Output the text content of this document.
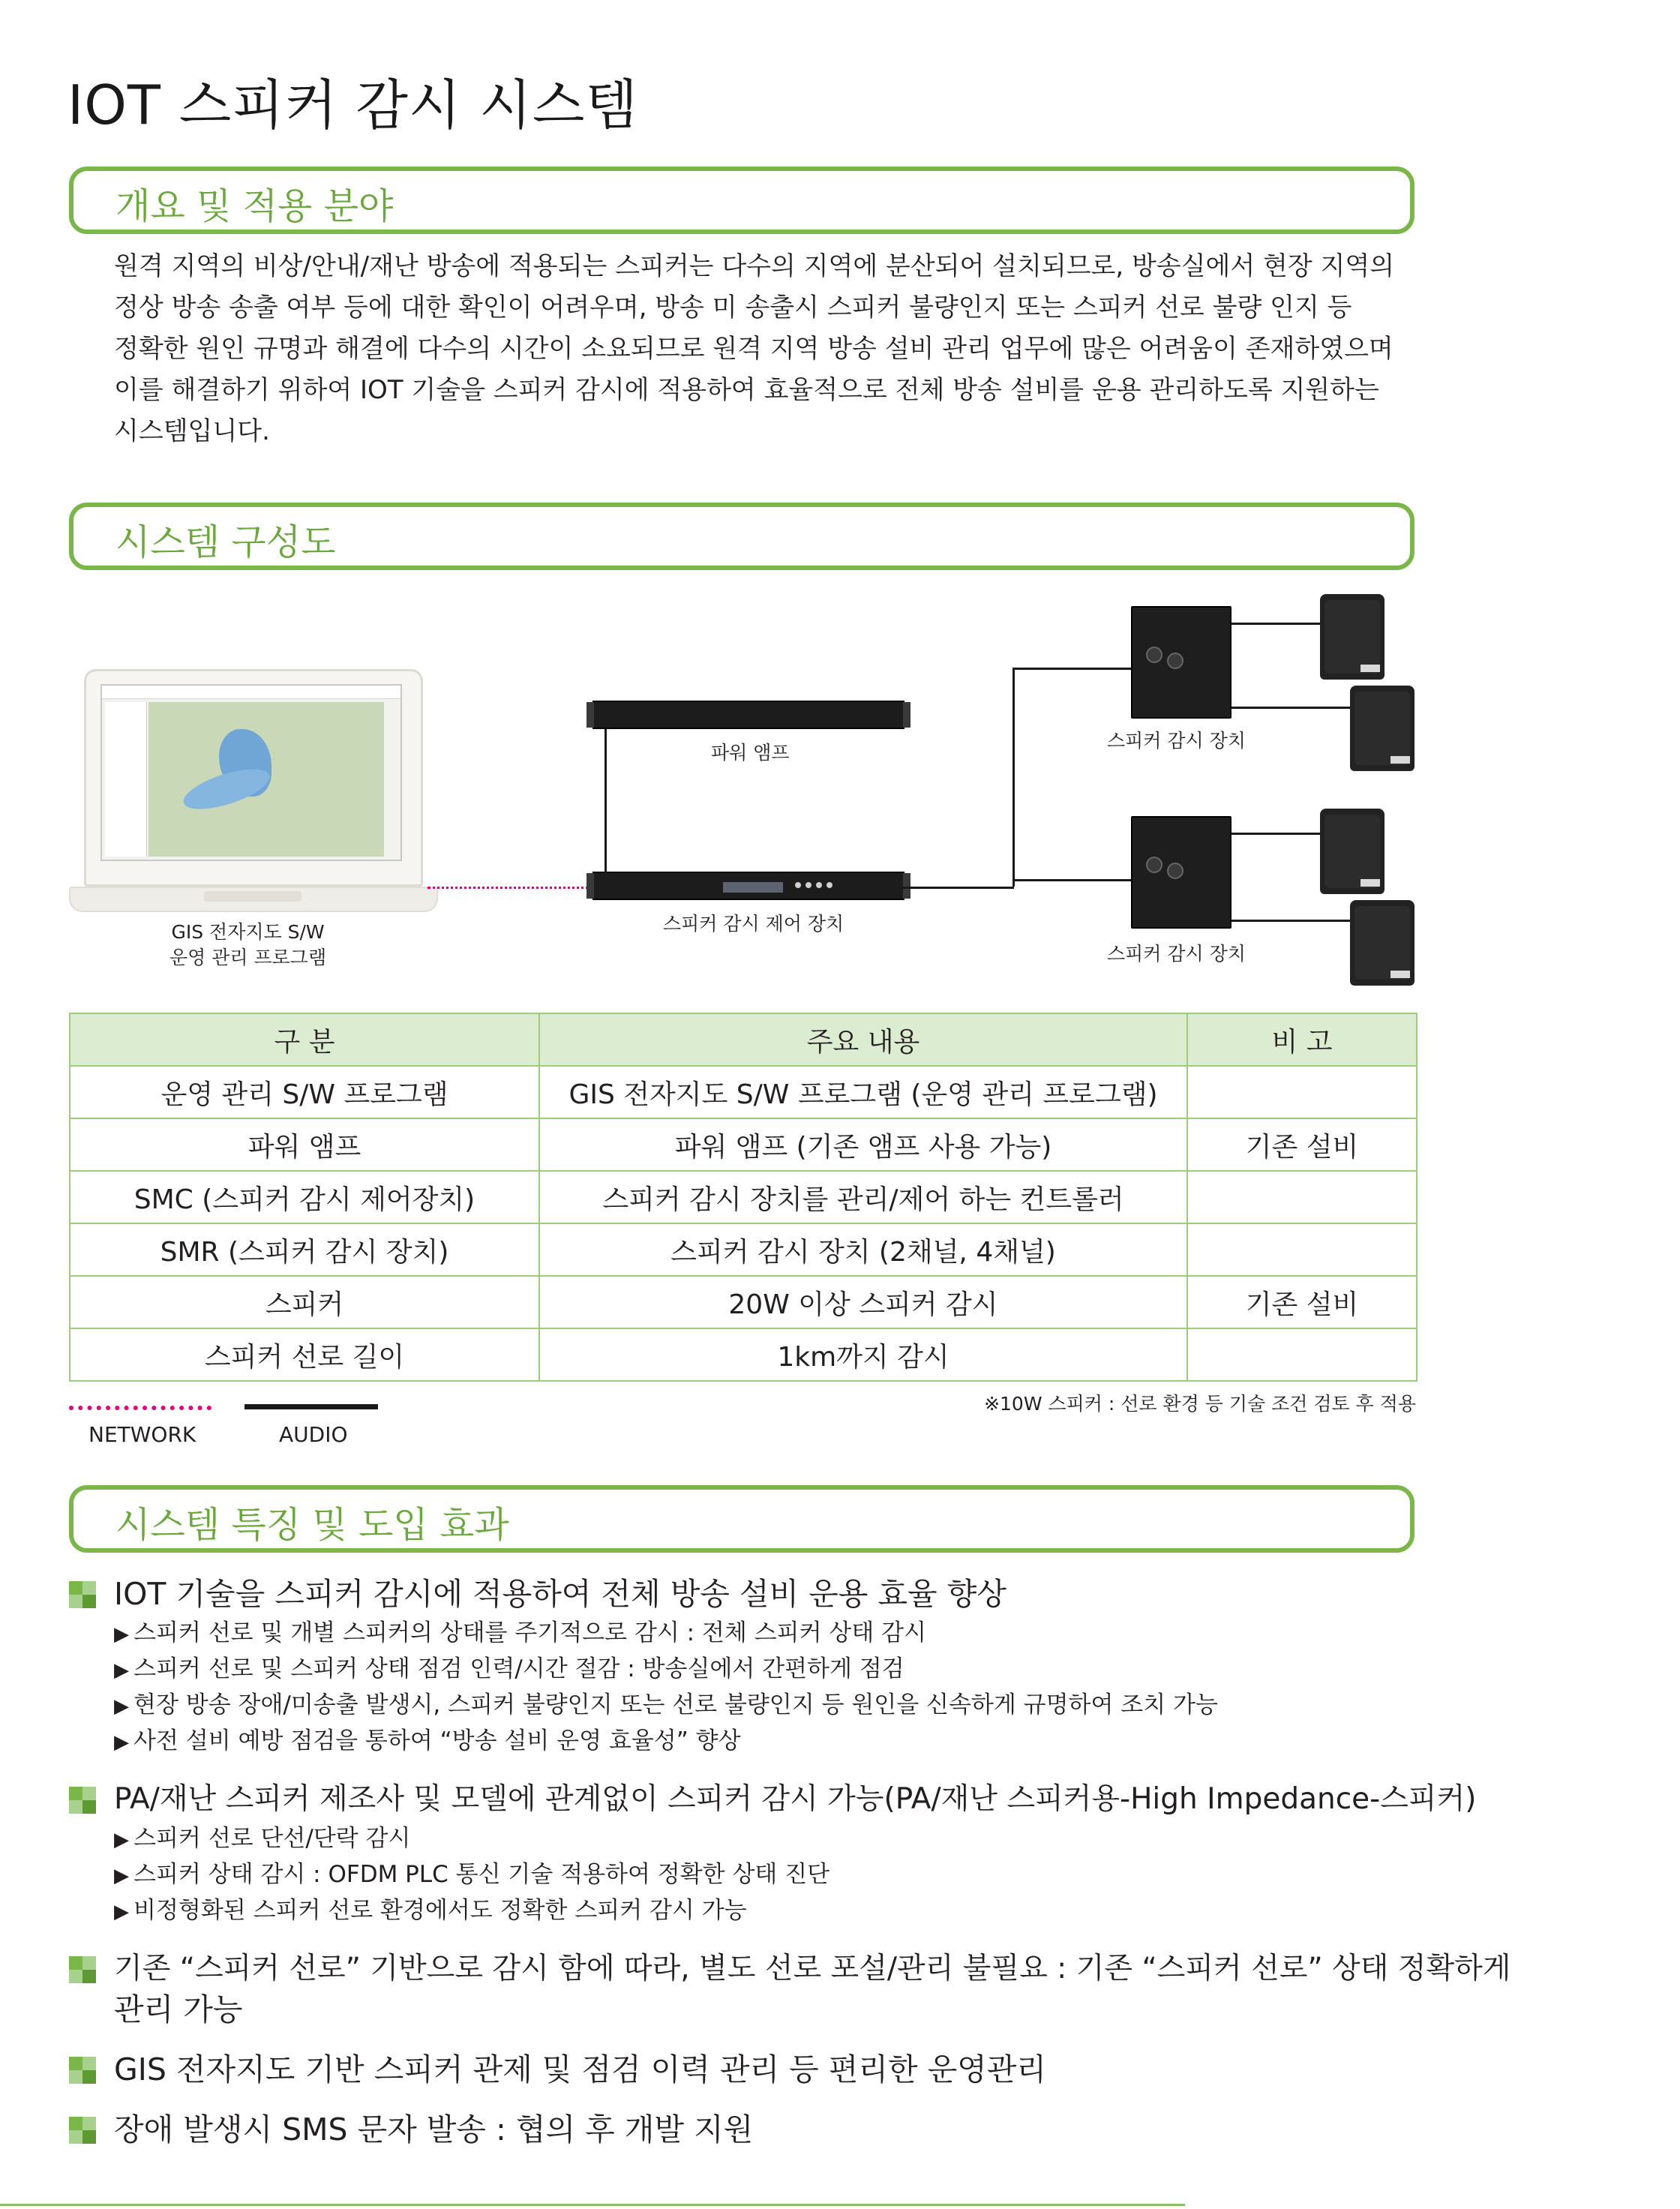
IOT 스피커 감시 시스템
개요 및 적용 분야

원격 지역의 비상/안내/재난 방송에 적용되는 스피커는 다수의 지역에 분산되어 설치되므로, 방송실에서 현장 지역의

정상 방송 송출 여부 등에 대한 확인이 어려우며, 방송 미 송출시 스피커 불량인지 또는 스피커 선로 불량 인지 등

정확한 원인 규명과 해결에 다수의 시간이 소요되므로 원격 지역 방송 설비 관리 업무에 많은 어려움이 존재하였으며

이를 해결하기 위하여 IOT 기술을 스피커 감시에 적용하여 효율적으로 전체 방송 설비를 운용 관리하도록 지원하는

시스템입니다.

시스템 구성도
GIS 전자지도 S/W
운영 관리 프로그램
파워 앰프
스피커 감시 제어 장치
스피커 감시 장치
스피커 감시 장치
구 분	주요 내용	비 고
운영 관리 S/W 프로그램	GIS 전자지도 S/W 프로그램 (운영 관리 프로그램)	
파워 앰프	파워 앰프 (기존 앰프 사용 가능)	기존 설비
SMC (스피커 감시 제어장치)	스피커 감시 장치를 관리/제어 하는 컨트롤러	
SMR (스피커 감시 장치)	스피커 감시 장치 (2채널, 4채널)	
스피커	20W 이상 스피커 감시	기존 설비
스피커 선로 길이	1km까지 감시	
※10W 스피커 : 선로 환경 등 기술 조건 검토 후 적용
NETWORK	AUDIO
시스템 특징 및 도입 효과
IOT 기술을 스피커 감시에 적용하여 전체 방송 설비 운용 효율 향상
▶ 스피커 선로 및 개별 스피커의 상태를 주기적으로 감시 : 전체 스피커 상태 감시
▶ 스피커 선로 및 스피커 상태 점검 인력/시간 절감 : 방송실에서 간편하게 점검
▶ 현장 방송 장애/미송출 발생시, 스피커 불량인지 또는 선로 불량인지 등 원인을 신속하게 규명하여 조치 가능
▶ 사전 설비 예방 점검을 통하여 “방송 설비 운영 효율성” 향상
PA/재난 스피커 제조사 및 모델에 관계없이 스피커 감시 가능(PA/재난 스피커용-High Impedance-스피커)
▶ 스피커 선로 단선/단락 감시
▶ 스피커 상태 감시 : OFDM PLC 통신 기술 적용하여 정확한 상태 진단
▶ 비정형화된 스피커 선로 환경에서도 정확한 스피커 감시 가능
기존 “스피커 선로” 기반으로 감시 함에 따라, 별도 선로 포설/관리 불필요 : 기존 “스피커 선로” 상태 정확하게
관리 가능
GIS 전자지도 기반 스피커 관제 및 점검 이력 관리 등 편리한 운영관리
장애 발생시 SMS 문자 발송 : 협의 후 개발 지원
